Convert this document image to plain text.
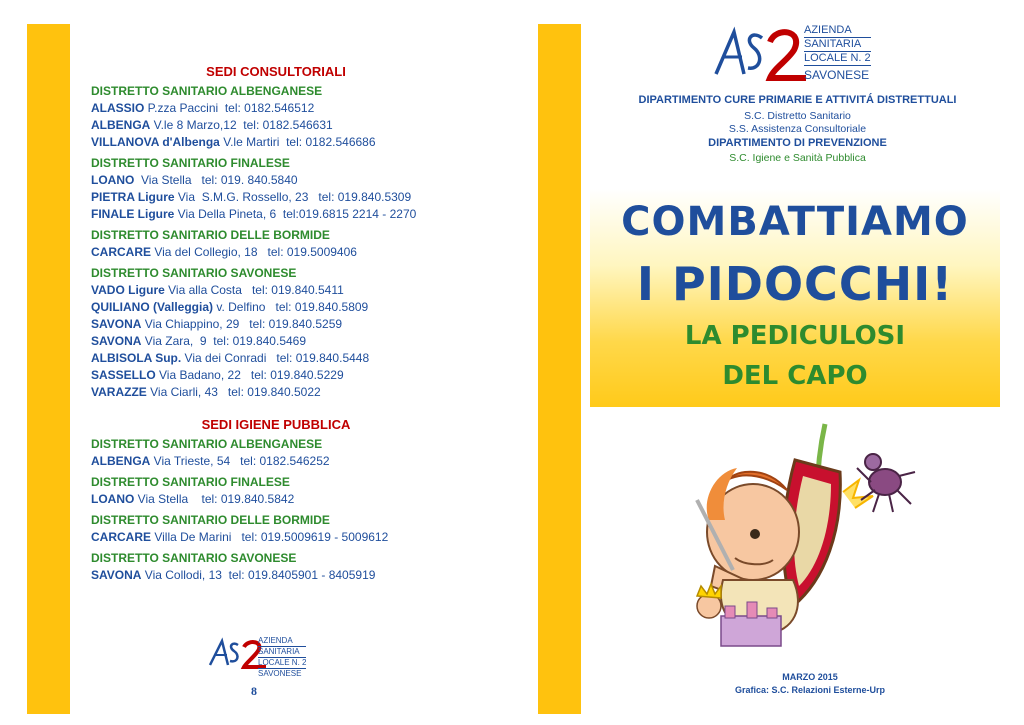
SEDI CONSULTORIALI
DISTRETTO SANITARIO ALBENGANESE
ALASSIO P.zza Paccini  tel: 0182.546512
ALBENGA V.le 8 Marzo,12  tel: 0182.546631
VILLANOVA d'Albenga V.le Martiri  tel: 0182.546686
DISTRETTO SANITARIO FINALESE
LOANO  Via Stella   tel: 019. 840.5840
PIETRA Ligure Via  S.M.G. Rossello, 23   tel: 019.840.5309
FINALE Ligure Via Della Pineta, 6  tel:019.6815 2214 - 2270
DISTRETTO SANITARIO DELLE BORMIDE
CARCARE Via del Collegio, 18   tel: 019.5009406
DISTRETTO SANITARIO SAVONESE
VADO Ligure Via alla Costa   tel: 019.840.5411
QUILIANO (Valleggia) v. Delfino   tel: 019.840.5809
SAVONA Via Chiappino, 29   tel: 019.840.5259
SAVONA Via Zara,  9  tel: 019.840.5469
ALBISOLA Sup. Via dei Conradi   tel: 019.840.5448
SASSELLO Via Badano, 22   tel: 019.840.5229
VARAZZE Via Ciarli, 43   tel: 019.840.5022
SEDI IGIENE PUBBLICA
DISTRETTO SANITARIO ALBENGANESE
ALBENGA Via Trieste, 54   tel: 0182.546252
DISTRETTO SANITARIO FINALESE
LOANO Via Stella    tel: 019.840.5842
DISTRETTO SANITARIO DELLE BORMIDE
CARCARE Villa De Marini   tel: 019.5009619 - 5009612
DISTRETTO SANITARIO SAVONESE
SAVONA Via Collodi, 13  tel: 019.8405901 - 8405919
AZIENDA
SANITARIA
LOCALE N. 2
SAVONESE
8
AZIENDA
SANITARIA
LOCALE N. 2
SAVONESE
DIPARTIMENTO CURE PRIMARIE E ATTIVITÁ DISTRETTUALI
S.C. Distretto Sanitario
S.S. Assistenza Consultoriale
DIPARTIMENTO DI PREVENZIONE
S.C. Igiene e Sanità Pubblica
COMBATTIAMO
I PIDOCCHI!
LA PEDICULOSI
DEL CAPO
MARZO 2015
Grafica: S.C. Relazioni Esterne-Urp
